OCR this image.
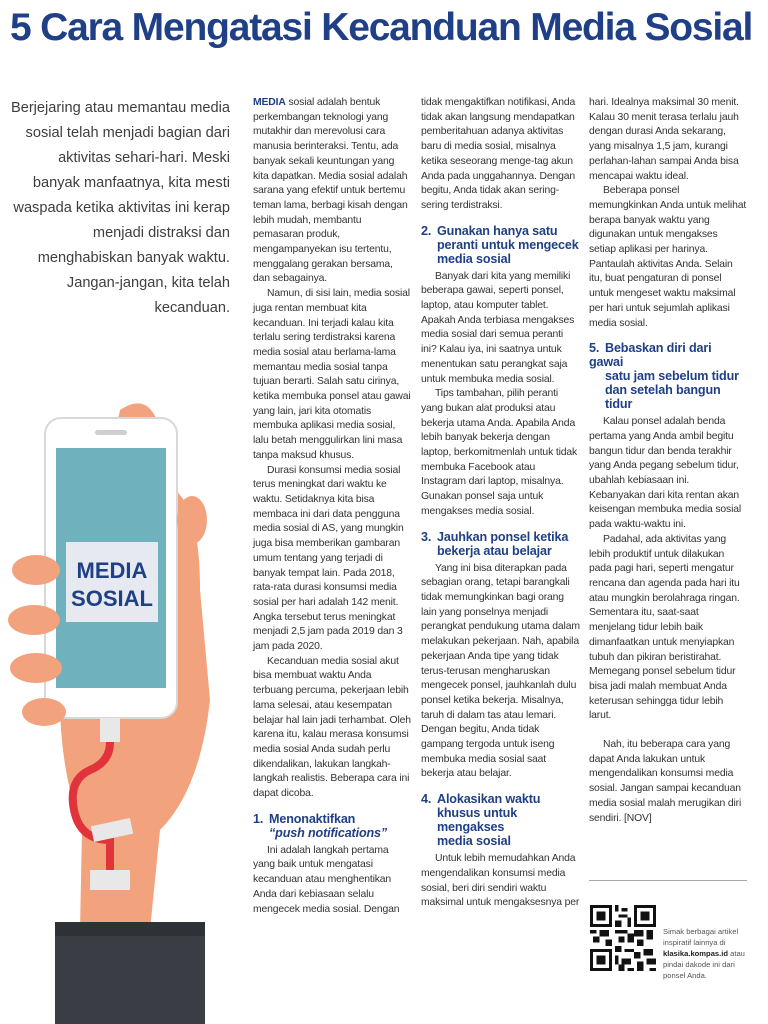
5 Cara Mengatasi Kecanduan Media Sosial

Berjejaring atau memantau media sosial telah menjadi bagian dari aktivitas sehari-hari. Meski banyak manfaatnya, kita mesti waspada ketika aktivitas ini kerap menjadi distraksi dan menghabiskan banyak waktu. Jangan-jangan, kita telah kecanduan.

MEDIA
SOSIAL

MEDIA sosial adalah bentuk perkembangan teknologi yang mutakhir dan merevolusi cara manusia berinteraksi. Tentu, ada banyak sekali keuntungan yang kita dapatkan. Media sosial adalah sarana yang efektif untuk bertemu teman lama, berbagi kisah dengan lebih mudah, membantu pemasaran produk, mengampanyekan isu tertentu, menggalang gerakan bersama, dan sebagainya.

Namun, di sisi lain, media sosial juga rentan membuat kita kecanduan. Ini terjadi kalau kita terlalu sering terdistraksi karena media sosial atau berlama-lama memantau media sosial tanpa tujuan berarti. Salah satu cirinya, ketika membuka ponsel atau gawai yang lain, jari kita otomatis membuka aplikasi media sosial, lalu betah menggulirkan lini masa tanpa maksud khusus.

Durasi konsumsi media sosial terus meningkat dari waktu ke waktu. Setidaknya kita bisa membaca ini dari data pengguna media sosial di AS, yang mungkin juga bisa memberikan gambaran umum tentang yang terjadi di banyak tempat lain. Pada 2018, rata-rata durasi konsumsi media sosial per hari adalah 142 menit. Angka tersebut terus meningkat menjadi 2,5 jam pada 2019 dan 3 jam pada 2020.

Kecanduan media sosial akut bisa membuat waktu Anda terbuang percuma, pekerjaan lebih lama selesai, atau kesempatan belajar hal lain jadi terhambat. Oleh karena itu, kalau merasa konsumsi media sosial Anda sudah perlu dikendalikan, lakukan langkah-langkah realistis. Beberapa cara ini dapat dicoba.

1. Menonaktifkan
“push notifications”

Ini adalah langkah pertama yang baik untuk mengatasi kecanduan atau menghentikan Anda dari kebiasaan selalu mengecek media sosial. Dengan

tidak mengaktifkan notifikasi, Anda tidak akan langsung mendapatkan pemberitahuan adanya aktivitas baru di media sosial, misalnya ketika seseorang menge-tag akun Anda pada unggahannya. Dengan begitu, Anda tidak akan sering-sering terdistraksi.

2. Gunakan hanya satu
peranti untuk mengecek
media sosial

Banyak dari kita yang memiliki beberapa gawai, seperti ponsel, laptop, atau komputer tablet. Apakah Anda terbiasa mengakses media sosial dari semua peranti ini? Kalau iya, ini saatnya untuk menentukan satu perangkat saja untuk membuka media sosial.

Tips tambahan, pilih peranti yang bukan alat produksi atau bekerja utama Anda. Apabila Anda lebih banyak bekerja dengan laptop, berkomitmenlah untuk tidak membuka Facebook atau Instagram dari laptop, misalnya. Gunakan ponsel saja untuk mengakses media sosial.

3. Jauhkan ponsel ketika
bekerja atau belajar

Yang ini bisa diterapkan pada sebagian orang, tetapi barangkali tidak memungkinkan bagi orang lain yang ponselnya menjadi perangkat pendukung utama dalam melakukan pekerjaan. Nah, apabila pekerjaan Anda tipe yang tidak terus-terusan mengharuskan mengecek ponsel, jauhkanlah dulu ponsel ketika bekerja. Misalnya, taruh di dalam tas atau lemari. Dengan begitu, Anda tidak gampang tergoda untuk iseng membuka media sosial saat bekerja atau belajar.

4. Alokasikan waktu
khusus untuk mengakses
media sosial

Untuk lebih memudahkan Anda mengendalikan konsumsi media sosial, beri diri sendiri waktu maksimal untuk mengaksesnya per

hari. Idealnya maksimal 30 menit. Kalau 30 menit terasa terlalu jauh dengan durasi Anda sekarang, yang misalnya 1,5 jam, kurangi perlahan-lahan sampai Anda bisa mencapai waktu ideal.

Beberapa ponsel memungkinkan Anda untuk melihat berapa banyak waktu yang digunakan untuk mengakses setiap aplikasi per harinya. Pantaulah aktivitas Anda. Selain itu, buat pengaturan di ponsel untuk mengeset waktu maksimal per hari untuk sejumlah aplikasi media sosial.

5. Bebaskan diri dari gawai
satu jam sebelum tidur
dan setelah bangun tidur

Kalau ponsel adalah benda pertama yang Anda ambil begitu bangun tidur dan benda terakhir yang Anda pegang sebelum tidur, ubahlah kebiasaan ini. Kebanyakan dari kita rentan akan keisengan membuka media sosial pada waktu-waktu ini.

Padahal, ada aktivitas yang lebih produktif untuk dilakukan pada pagi hari, seperti mengatur rencana dan agenda pada hari itu atau mungkin berolahraga ringan. Sementara itu, saat-saat menjelang tidur lebih baik dimanfaatkan untuk menyiapkan tubuh dan pikiran beristirahat. Memegang ponsel sebelum tidur bisa jadi malah membuat Anda keterusan sehingga tidur lebih larut.

Nah, itu beberapa cara yang dapat Anda lakukan untuk mengendalikan konsumsi media sosial. Jangan sampai kecanduan media sosial malah merugikan diri sendiri. [NOV]

Simak berbagai artikel inspiratif lainnya di klasika.kompas.id atau pindai dakode ini dari ponsel Anda.
